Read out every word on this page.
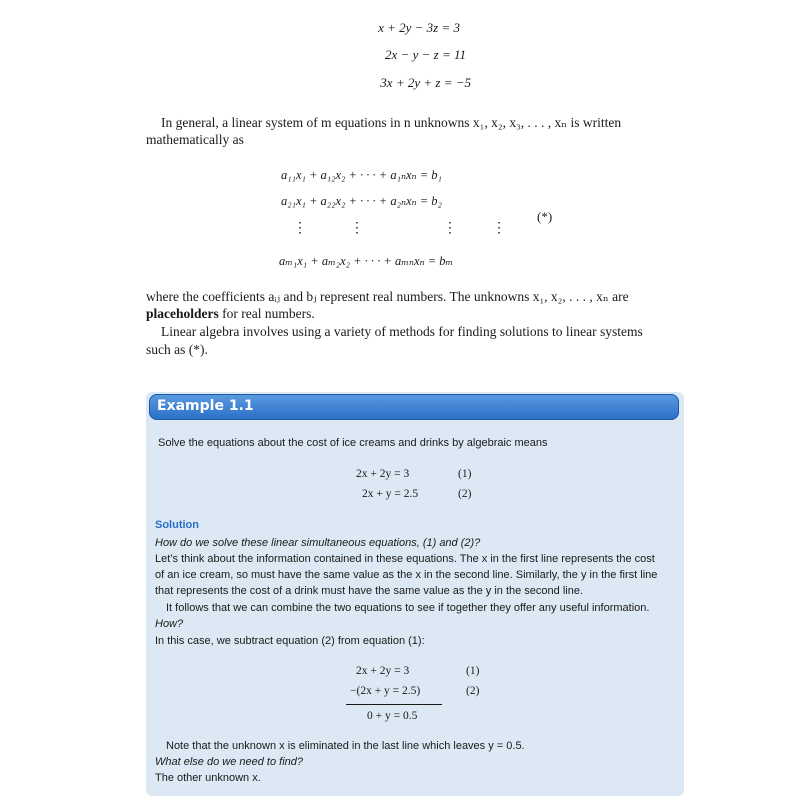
x + 2y − 3z = 3
2x − y − z = 11
3x + 2y + z = −5
In general, a linear system of m equations in n unknowns x₁, x₂, x₃, . . . , xₙ is written
mathematically as
a₁₁x₁ + a₁₂x₂ + · · · + a₁ₙxₙ = b₁
a₂₁x₁ + a₂₂x₂ + · · · + a₂ₙxₙ = b₂
⋮	⋮	⋮	⋮
aₘ₁x₁ + aₘ₂x₂ + · · · + aₘₙxₙ = bₘ
(*)
where the coefficients aᵢⱼ and bⱼ represent real numbers. The unknowns x₁, x₂, . . . , xₙ are
placeholders for real numbers.
Linear algebra involves using a variety of methods for finding solutions to linear systems
such as (*).
Example 1.1
Solve the equations about the cost of ice creams and drinks by algebraic means
2x + 2y = 3	(1)
2x + y = 2.5	(2)
Solution
How do we solve these linear simultaneous equations, (1) and (2)?
Let’s think about the information contained in these equations. The x in the first line represents the cost
of an ice cream, so must have the same value as the x in the second line. Similarly, the y in the first line
that represents the cost of a drink must have the same value as the y in the second line.
It follows that we can combine the two equations to see if together they offer any useful information.
How?
In this case, we subtract equation (2) from equation (1):
2x + 2y = 3	(1)
−(2x + y = 2.5)	(2)
0 + y = 0.5
Note that the unknown x is eliminated in the last line which leaves y = 0.5.
What else do we need to find?
The other unknown x.
